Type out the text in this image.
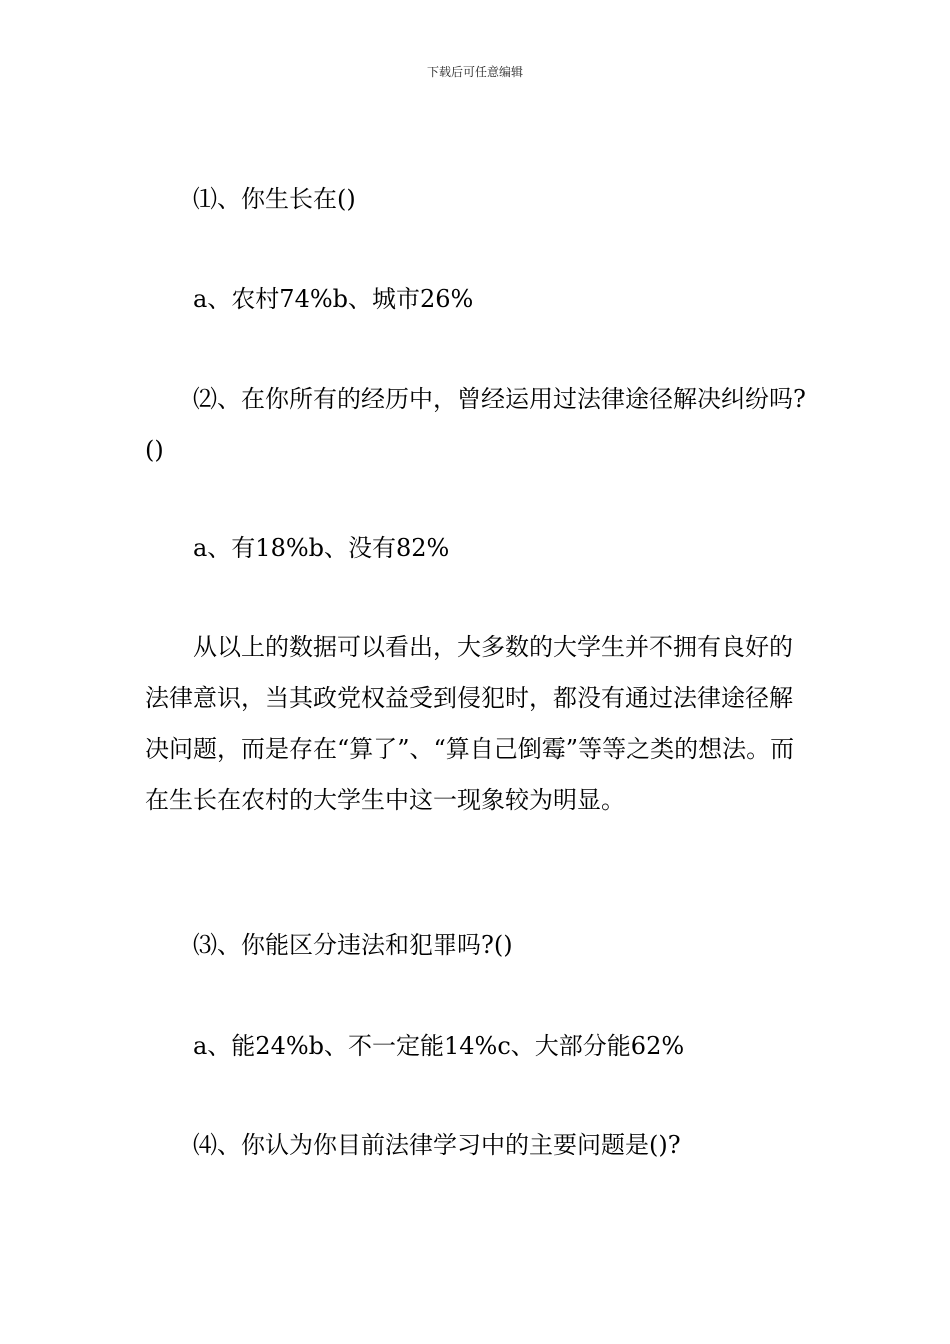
下载后可任意编辑

⑴、你生长在()

a、农村74%b、城市26%

⑵、在你所有的经历中，曾经运用过法律途径解决纠纷吗?()

a、有18%b、没有82%

从以上的数据可以看出，大多数的大学生并不拥有良好的法律意识，当其政党权益受到侵犯时，都没有通过法律途径解决问题，而是存在“算了”、“算自己倒霉”等等之类的想法。而在生长在农村的大学生中这一现象较为明显。

⑶、你能区分违法和犯罪吗?()

a、能24%b、不一定能14%c、大部分能62%

⑷、你认为你目前法律学习中的主要问题是()?
